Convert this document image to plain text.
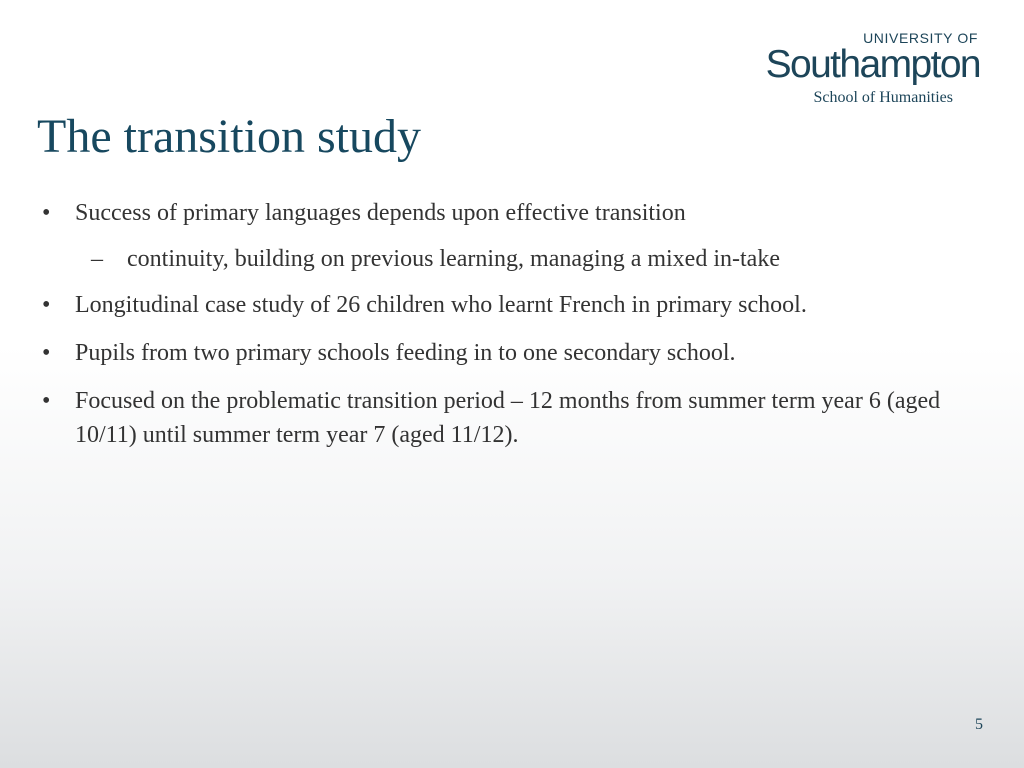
UNIVERSITY OF
Southampton
School of Humanities
The transition study
• Success of primary languages depends upon effective transition
– continuity, building on previous learning, managing a mixed in-take
• Longitudinal case study of 26 children who learnt French in primary school.
• Pupils from two primary schools feeding in to one secondary school.
• Focused on the problematic transition period – 12 months from summer term year 6 (aged 10/11) until summer term year 7 (aged 11/12).
5
